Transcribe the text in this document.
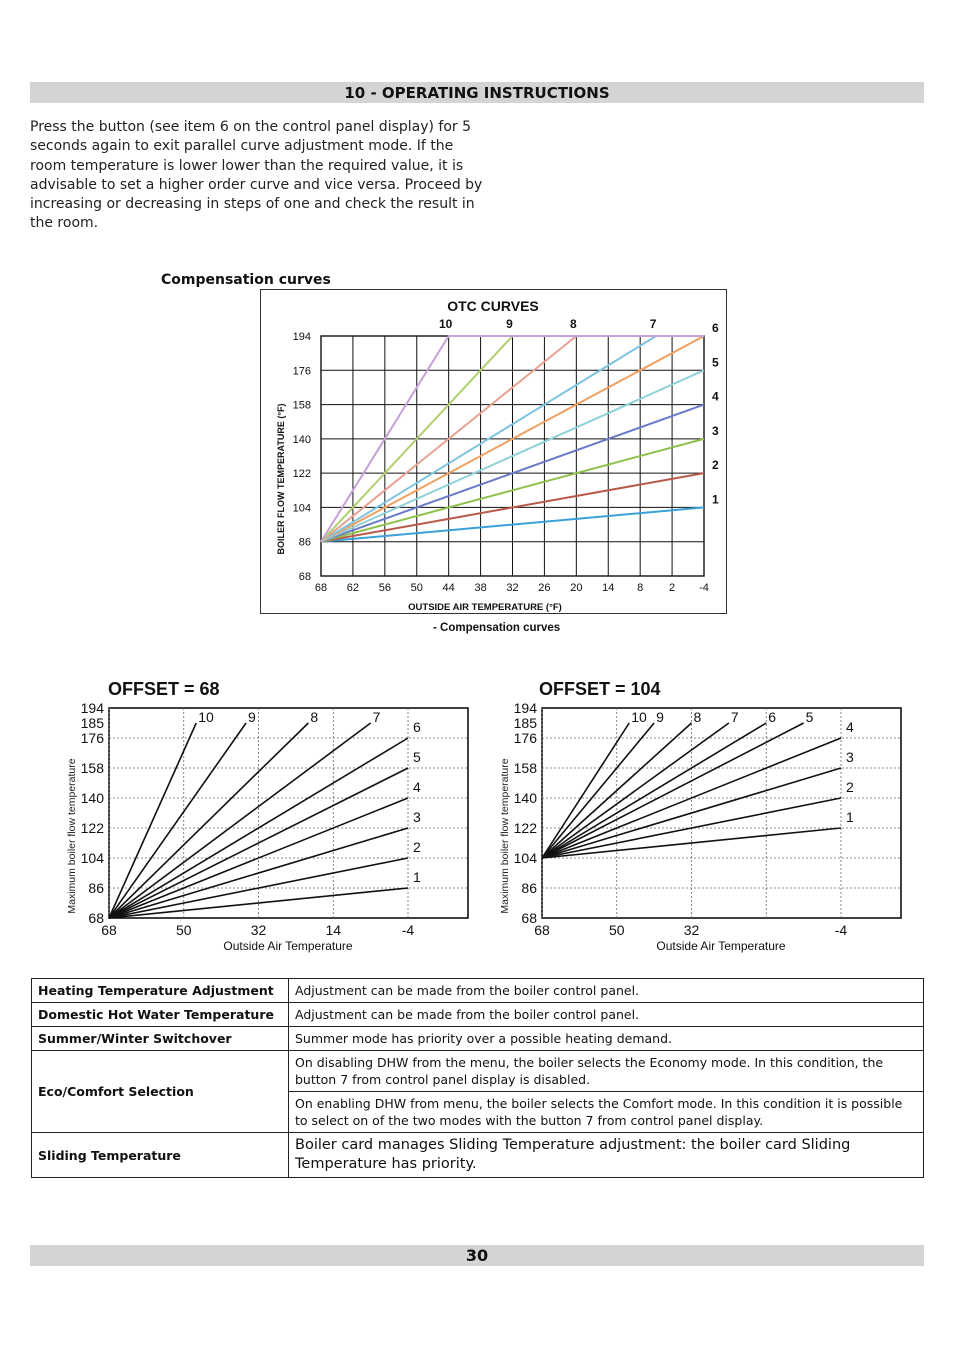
10 - OPERATING INSTRUCTIONS

Press the button (see item 6 on the control panel display) for 5 seconds again to exit parallel curve adjustment mode. If the room temperature is lower lower than the required value, it is advisable to set a higher order curve and vice versa. Proceed by increasing or decreasing in steps of one and check the result in the room.

Compensation curves
OTC CURVES
68 62 56 50 44 38 32 26 20 14 8 2 -4
68
86
104
122
140
158
176
194
1
2
3
4
5
6
7
8
9
10
OUTSIDE AIR TEMPERATURE (°F)
BOILER FLOW TEMPERATURE (°F)
- Compensation curves
OFFSET = 68
68	50	32	14	-4
68
86
104
122
140
158
176
185
194
1
2
3
4
5
6
7
8
9
10
Outside Air Temperature
Maximum boiler flow temperature
OFFSET = 104
68	50	32	-4
68
86
104
122
140
158
176
185
194
1
2
3
4
5
6
7
8
9
10
Outside Air Temperature
Maximum boiler flow temperature
Heating Temperature Adjustment	Adjustment can be made from the boiler control panel.
Domestic Hot Water Temperature	Adjustment can be made from the boiler control panel.
Summer/Winter Switchover	Summer mode has priority over a possible heating demand.
Eco/Comfort Selection	On disabling DHW from the menu, the boiler selects the Economy mode. In this condition, the button 7 from control panel display is disabled.
	On enabling DHW from menu, the boiler selects the Comfort mode. In this condition it is possible to select on of the two modes with the button 7 from control panel display.
Sliding Temperature	Boiler card manages Sliding Temperature adjustment: the boiler card Sliding Temperature has priority.
30
